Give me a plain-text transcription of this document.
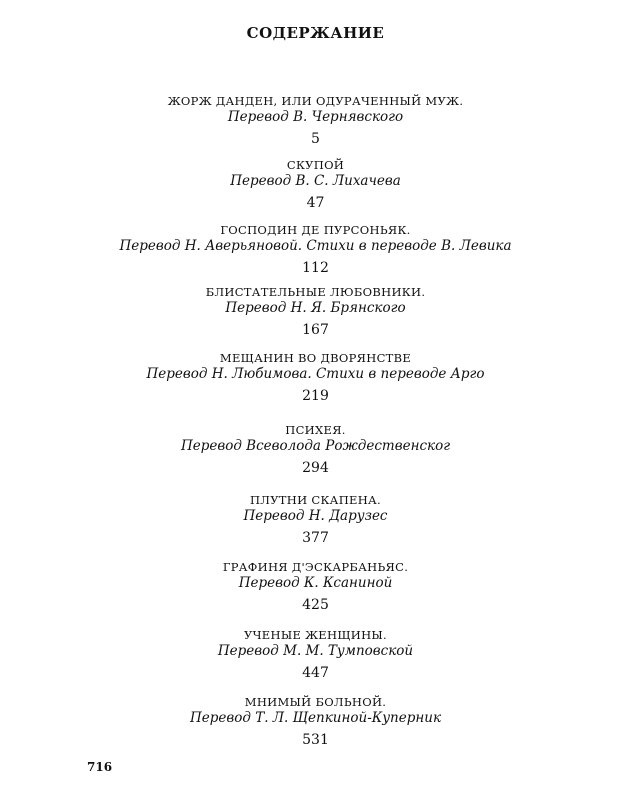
СОДЕРЖАНИЕ
ЖОРЖ ДАНДЕН, ИЛИ ОДУРАЧЕННЫЙ МУЖ.
Перевод В. Чернявского
5
СКУПОЙ
Перевод В. С. Лихачева
47
ГОСПОДИН ДЕ ПУРСОНЬЯК.
Перевод Н. Аверьяновой. Стихи в переводе В. Левика
112
БЛИСТАТЕЛЬНЫЕ ЛЮБОВНИКИ.
Перевод Н. Я. Брянского
167
МЕЩАНИН ВО ДВОРЯНСТВЕ
Перевод Н. Любимова. Стихи в переводе Арго
219
ПСИХЕЯ.
Перевод Всеволода Рождественског
294
ПЛУТНИ СКАПЕНА.
Перевод Н. Дарузес
377
ГРАФИНЯ Д'ЭСКАРБАНЬЯС.
Перевод К. Ксаниной
425
УЧЕНЫЕ ЖЕНЩИНЫ.
Перевод М. М. Тумповской
447
МНИМЫЙ БОЛЬНОЙ.
Перевод Т. Л. Щепкиной-Куперник
531
716
